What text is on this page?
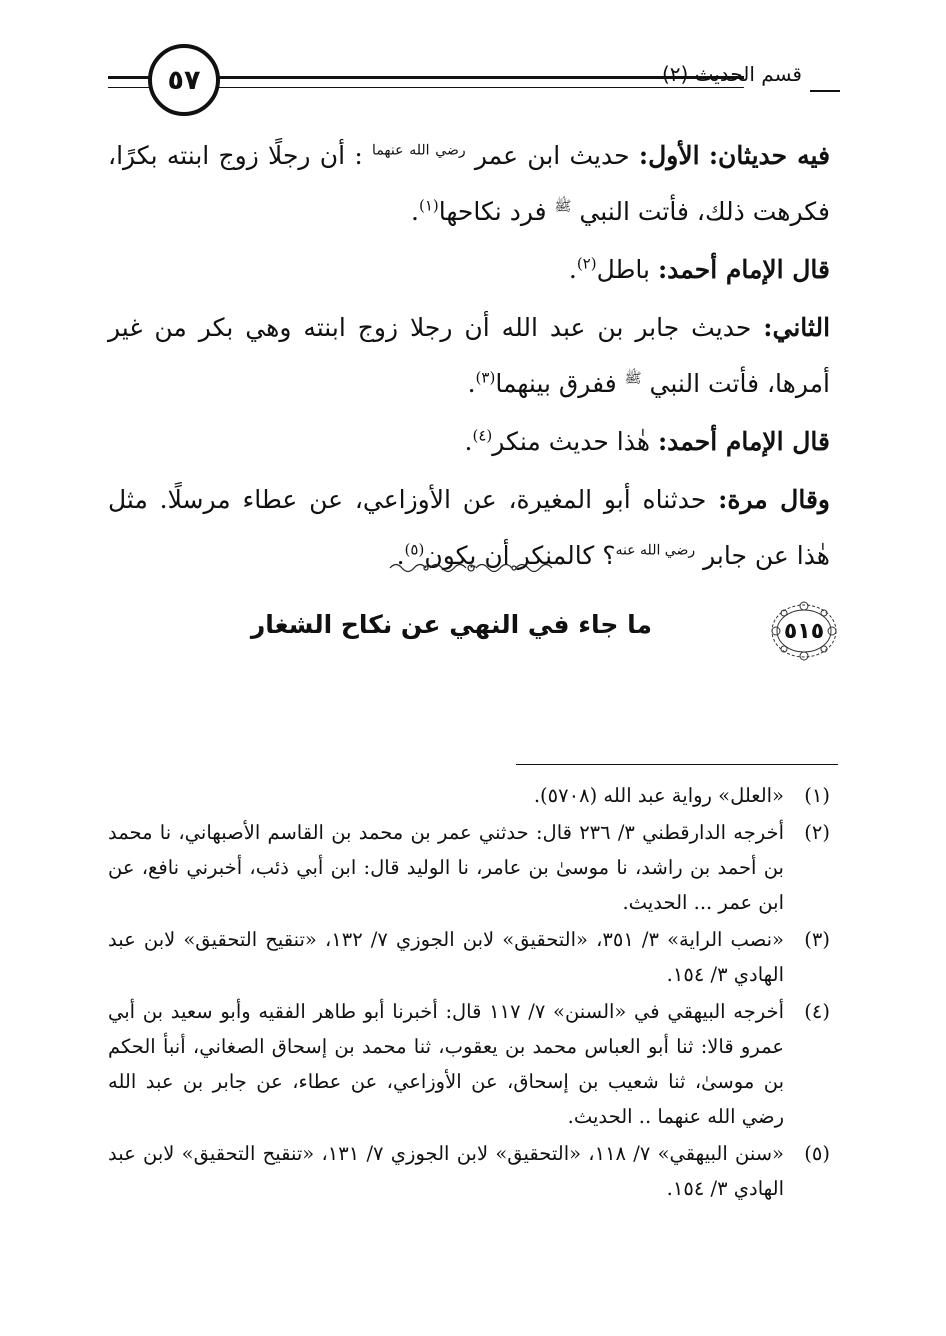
٥٧	قسم الحديث (٢)

فيه حديثان: الأول: حديث ابن عمر $^{رضي الله عنهما}$ : أن رجلًا زوج ابنته بكرًا، فكرهت ذلك، فأتت النبي $^ﷺ$ فرد نكاحها$^{(١)}$.

قال الإمام أحمد: باطل$^{(٢)}$.

الثاني: حديث جابر بن عبد الله أن رجلا زوج ابنته وهي بكر من غير أمرها، فأتت النبي $^ﷺ$ ففرق بينهما$^{(٣)}$.

قال الإمام أحمد: هٰذا حديث منكر$^{(٤)}$.

وقال مرة: حدثناه أبو المغيرة، عن الأوزاعي، عن عطاء مرسلًا. مثل هٰذا عن جابر $^{رضي الله عنه}$؟ كالمنكر أن يكون$^{(٥)}$.

٥١٥
ما جاء في النهي عن نكاح الشغار
(١)
«العلل» رواية عبد الله (٥٧٠٨).
(٢)
أخرجه الدارقطني ٣/ ٢٣٦ قال: حدثني عمر بن محمد بن القاسم الأصبهاني، نا محمد بن أحمد بن راشد، نا موسىٰ بن عامر، نا الوليد قال: ابن أبي ذئب، أخبرني نافع، عن ابن عمر ... الحديث.
(٣)
«نصب الراية» ٣/ ٣٥١، «التحقيق» لابن الجوزي ٧/ ١٣٢، «تنقيح التحقيق» لابن عبد الهادي ٣/ ١٥٤.
(٤)
أخرجه البيهقي في «السنن» ٧/ ١١٧ قال: أخبرنا أبو طاهر الفقيه وأبو سعيد بن أبي عمرو قالا: ثنا أبو العباس محمد بن يعقوب، ثنا محمد بن إسحاق الصغاني، أنبأ الحكم بن موسىٰ، ثنا شعيب بن إسحاق، عن الأوزاعي، عن عطاء، عن جابر بن عبد الله رضي الله عنهما .. الحديث.
(٥)
«سنن البيهقي» ٧/ ١١٨، «التحقيق» لابن الجوزي ٧/ ١٣١، «تنقيح التحقيق» لابن عبد الهادي ٣/ ١٥٤.
